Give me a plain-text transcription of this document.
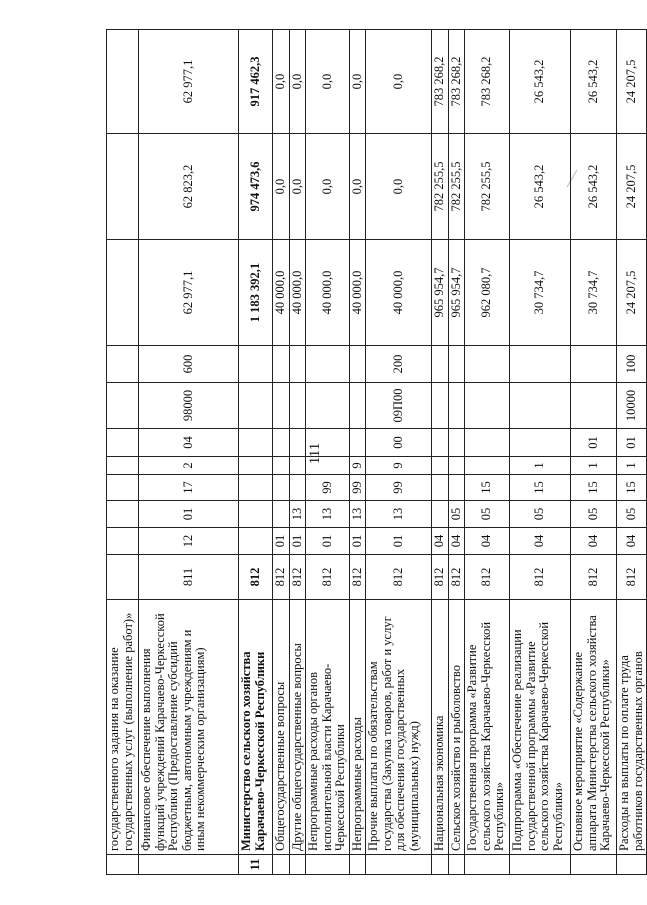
111
	государственного задания на оказание государственных услуг (выполнение работ)»											
	Финансовое обеспечение выполнения функций учреждений Карачаево-Черкесской Республики (Предоставление субсидий бюджетным, автономным учреждениям и иным некоммерческим организациям)	811	12	01	17	2	04	98000	600	62 977,1	62 823,2	62 977,1
11	Министерство сельского хозяйства Карачаево-Черкесской Республики	812								1 183 392,1	974 473,6	917 462,3
	Общегосударственные вопросы	812	01							40 000,0	0,0	0,0
	Другие общегосударственные вопросы	812	01	13						40 000,0	0,0	0,0
	Непрограммные расходы органов исполнительной власти Карачаево-Черкесской Республики	812	01	13	99					40 000,0	0,0	0,0
	Непрограммные расходы	812	01	13	99	9				40 000,0	0,0	0,0
	Прочие выплаты по обязательствам государства (Закупка товаров, работ и услуг для обеспечения государственных (муниципальных) нужд)	812	01	13	99	9	00	09П00	200	40 000,0	0,0	0,0
	Национальная экономика	812	04							965 954,7	782 255,5	783 268,2
	Сельское хозяйство и рыболовство	812	04	05						965 954,7	782 255,5	783 268,2
	Государственная программа «Развитие сельского хозяйства Карачаево-Черкесской Республики»	812	04	05	15					962 080,7	782 255,5	783 268,2
	Подпрограмма «Обеспечение реализации государственной программы «Развитие сельского хозяйства Карачаево-Черкесской Республики»	812	04	05	15	1				30 734,7	26 543,2	26 543,2
	Основное мероприятие «Содержание аппарата Министерства сельского хозяйства Карачаево-Черкесской Республики»	812	04	05	15	1	01			30 734,7	26 543,2	26 543,2
	Расходы на выплаты по оплате труда работников государственных органов	812	04	05	15	1	01	10000	100	24 207,5	24 207,5	24 207,5
